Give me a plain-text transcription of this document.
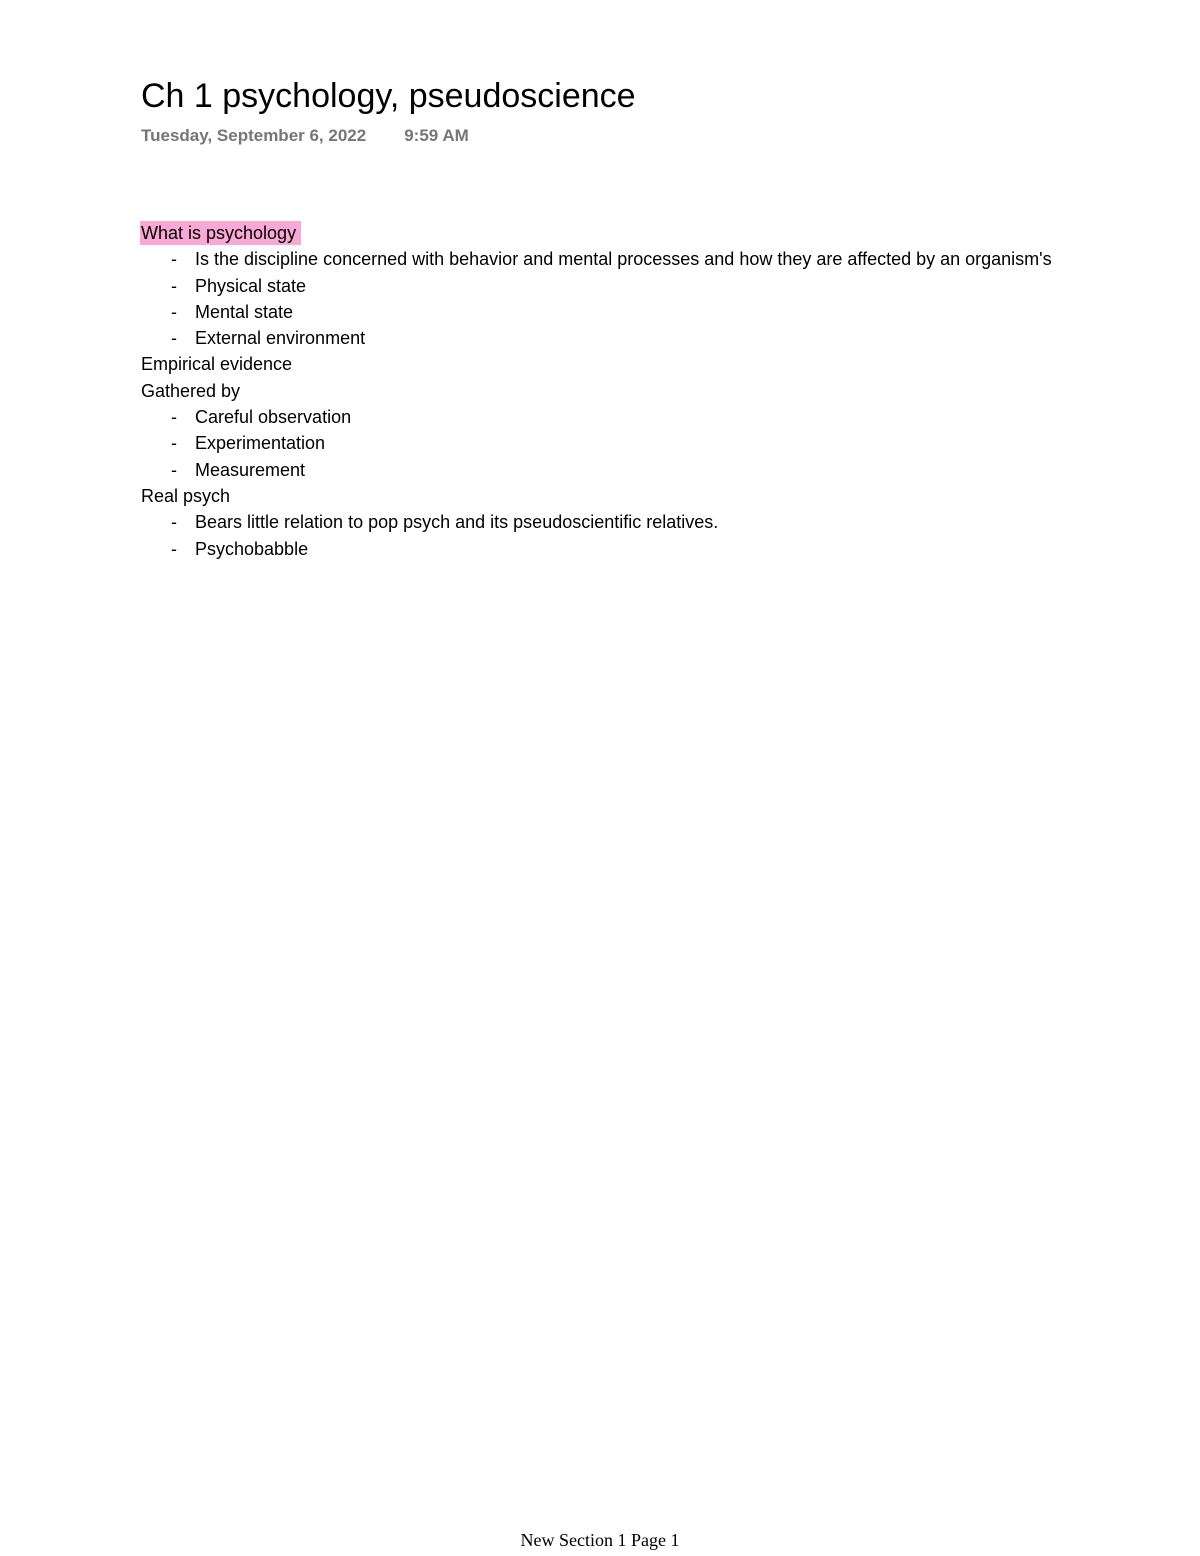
Ch 1 psychology, pseudoscience
Tuesday, September 6, 2022 9:59 AM

What is psychology

- Is the discipline concerned with behavior and mental processes and how they are affected by an organism's
- Physical state
- Mental state
- External environment

Empirical evidence

Gathered by

- Careful observation
- Experimentation
- Measurement

Real psych

- Bears little relation to pop psych and its pseudoscientific relatives.
- Psychobabble
New Section 1 Page 1
